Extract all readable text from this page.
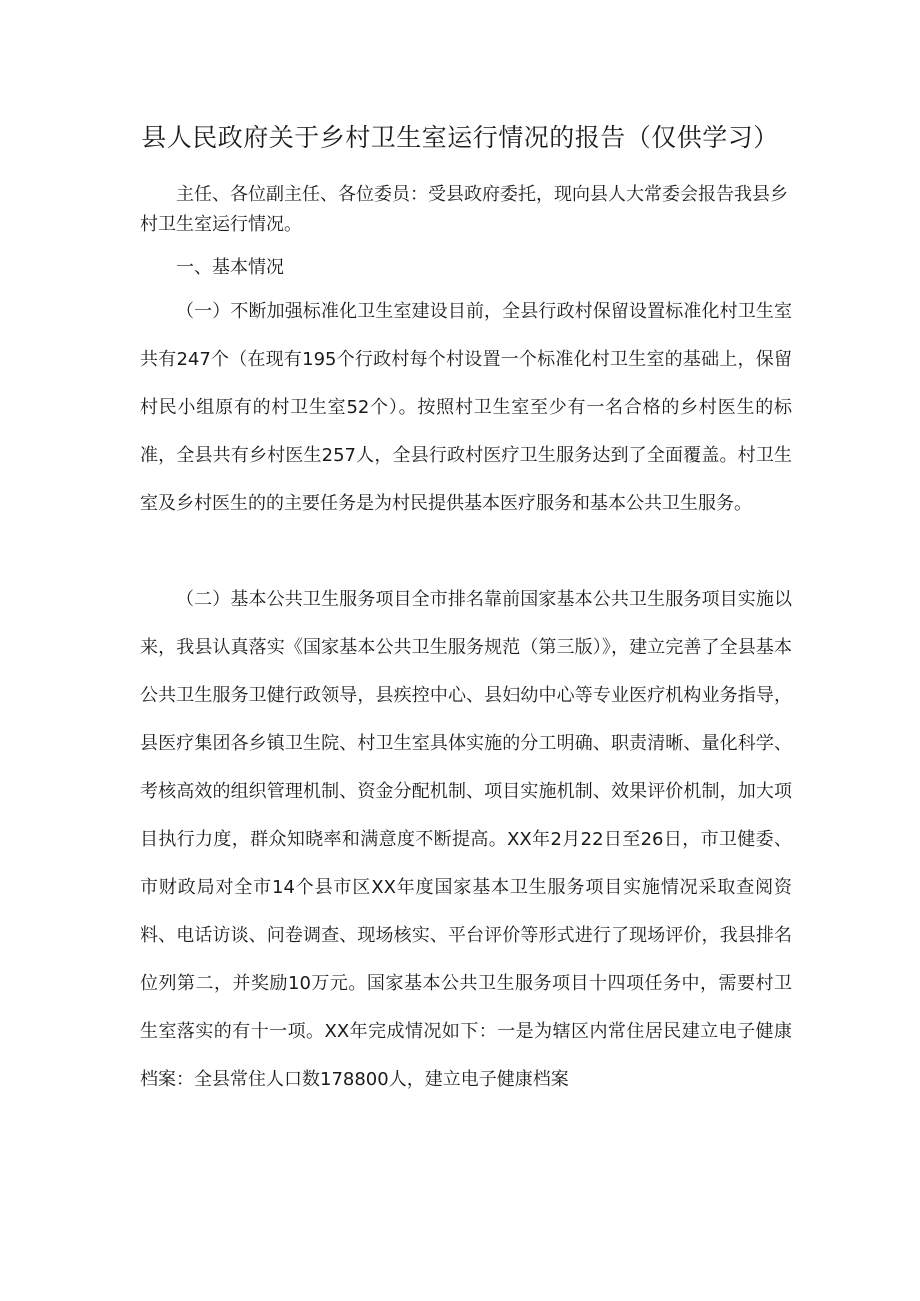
县人民政府关于乡村卫生室运行情况的报告（仅供学习）

主任、各位副主任、各位委员：受县政府委托，现向县人大常委会报告我县乡村卫生室运行情况。

一、基本情况

（一）不断加强标准化卫生室建设目前，全县行政村保留设置标准化村卫生室共有247个（在现有195个行政村每个村设置一个标准化村卫生室的基础上，保留村民小组原有的村卫生室52个）。按照村卫生室至少有一名合格的乡村医生的标准，全县共有乡村医生257人，全县行政村医疗卫生服务达到了全面覆盖。村卫生室及乡村医生的的主要任务是为村民提供基本医疗服务和基本公共卫生服务。

（二）基本公共卫生服务项目全市排名靠前国家基本公共卫生服务项目实施以来，我县认真落实《国家基本公共卫生服务规范（第三版）》，建立完善了全县基本公共卫生服务卫健行政领导，县疾控中心、县妇幼中心等专业医疗机构业务指导，县医疗集团各乡镇卫生院、村卫生室具体实施的分工明确、职责清晰、量化科学、考核高效的组织管理机制、资金分配机制、项目实施机制、效果评价机制，加大项目执行力度，群众知晓率和满意度不断提高。XX年2月22日至26日，市卫健委、市财政局对全市14个县市区XX年度国家基本卫生服务项目实施情况采取查阅资料、电话访谈、问卷调查、现场核实、平台评价等形式进行了现场评价，我县排名位列第二，并奖励10万元。国家基本公共卫生服务项目十四项任务中，需要村卫生室落实的有十一项。XX年完成情况如下：一是为辖区内常住居民建立电子健康档案：全县常住人口数178800人，建立电子健康档案
